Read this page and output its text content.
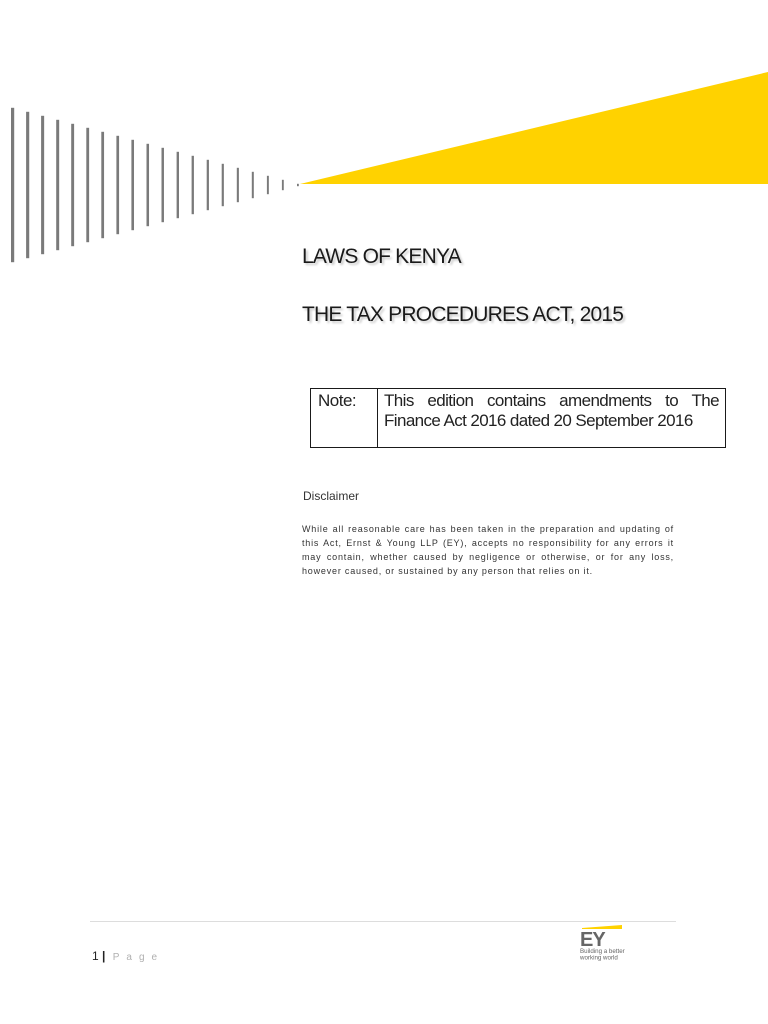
LAWS OF KENYA
THE TAX PROCEDURES ACT, 2015
Note:	This edition contains amendments to The Finance Act 2016 dated 20 September 2016
Disclaimer

While all reasonable care has been taken in the preparation and updating of this Act, Ernst & Young LLP (EY), accepts no responsibility for any errors it may contain, whether caused by negligence or otherwise, or for any loss, however caused, or sustained by any person that relies on it.

1 | Page
EY
Building a better
working world
